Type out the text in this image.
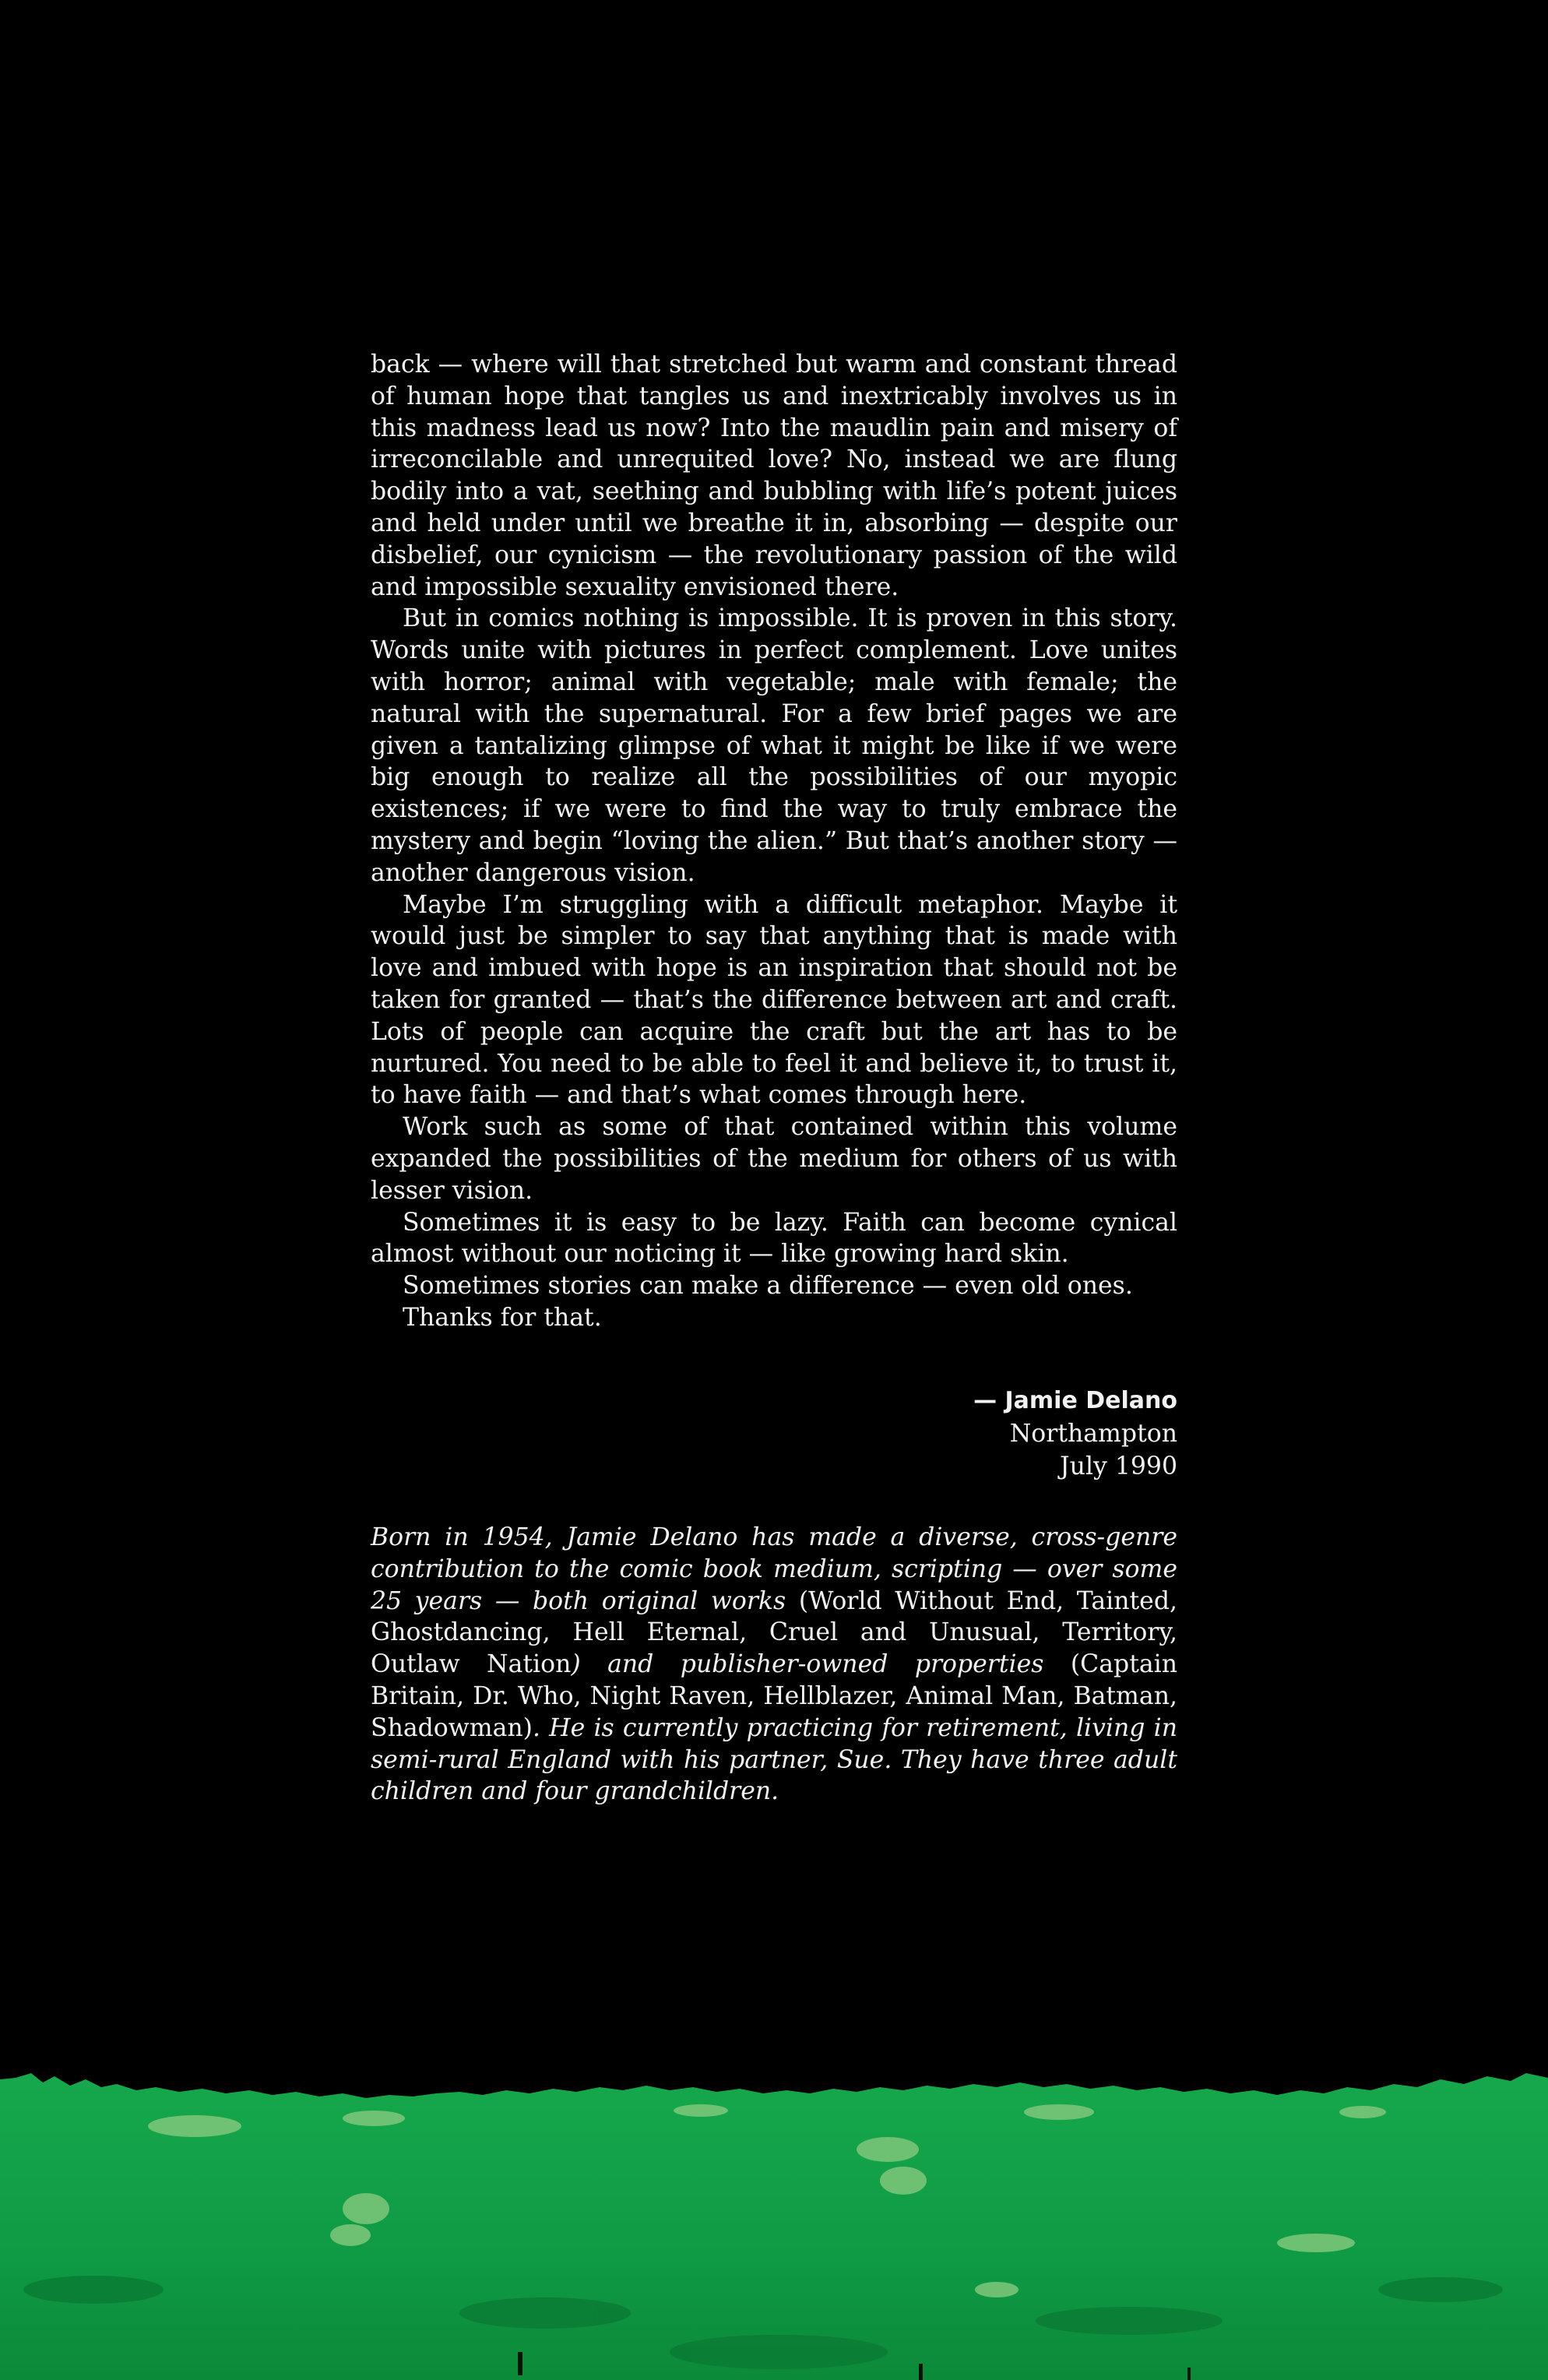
back — where will that stretched but warm and constant thread of human hope that tangles us and inextricably involves us in this madness lead us now? Into the maudlin pain and misery of irreconcilable and unrequited love? No, instead we are flung bodily into a vat, seething and bubbling with life’s potent juices and held under until we breathe it in, absorbing — despite our disbelief, our cynicism — the revolutionary passion of the wild and impossible sexuality envisioned there.

But in comics nothing is impossible. It is proven in this story. Words unite with pictures in perfect complement. Love unites with horror; animal with vegetable; male with female; the natural with the supernatural. For a few brief pages we are given a tantalizing glimpse of what it might be like if we were big enough to realize all the possibilities of our myopic existences; if we were to find the way to truly embrace the mystery and begin “loving the alien.” But that’s another story — another dangerous vision.

Maybe I’m struggling with a difficult metaphor. Maybe it would just be simpler to say that anything that is made with love and imbued with hope is an inspiration that should not be taken for granted — that’s the difference between art and craft. Lots of people can acquire the craft but the art has to be nurtured. You need to be able to feel it and believe it, to trust it, to have faith — and that’s what comes through here.

Work such as some of that contained within this volume expanded the possibilities of the medium for others of us with lesser vision.

Sometimes it is easy to be lazy. Faith can become cynical almost without our noticing it — like growing hard skin.

Sometimes stories can make a difference — even old ones.

Thanks for that.

— Jamie Delano
Northampton
July 1990
Born in 1954, Jamie Delano has made a diverse, cross-genre contribution to the comic book medium, scripting — over some 25 years — both original works (World Without End, Tainted, Ghostdancing, Hell Eternal, Cruel and Unusual, Territory, Outlaw Nation) and publisher-owned properties (Captain Britain, Dr. Who, Night Raven, Hellblazer, Animal Man, Batman, Shadowman). He is currently practicing for retirement, living in semi-rural England with his partner, Sue. They have three adult children and four grandchildren.
